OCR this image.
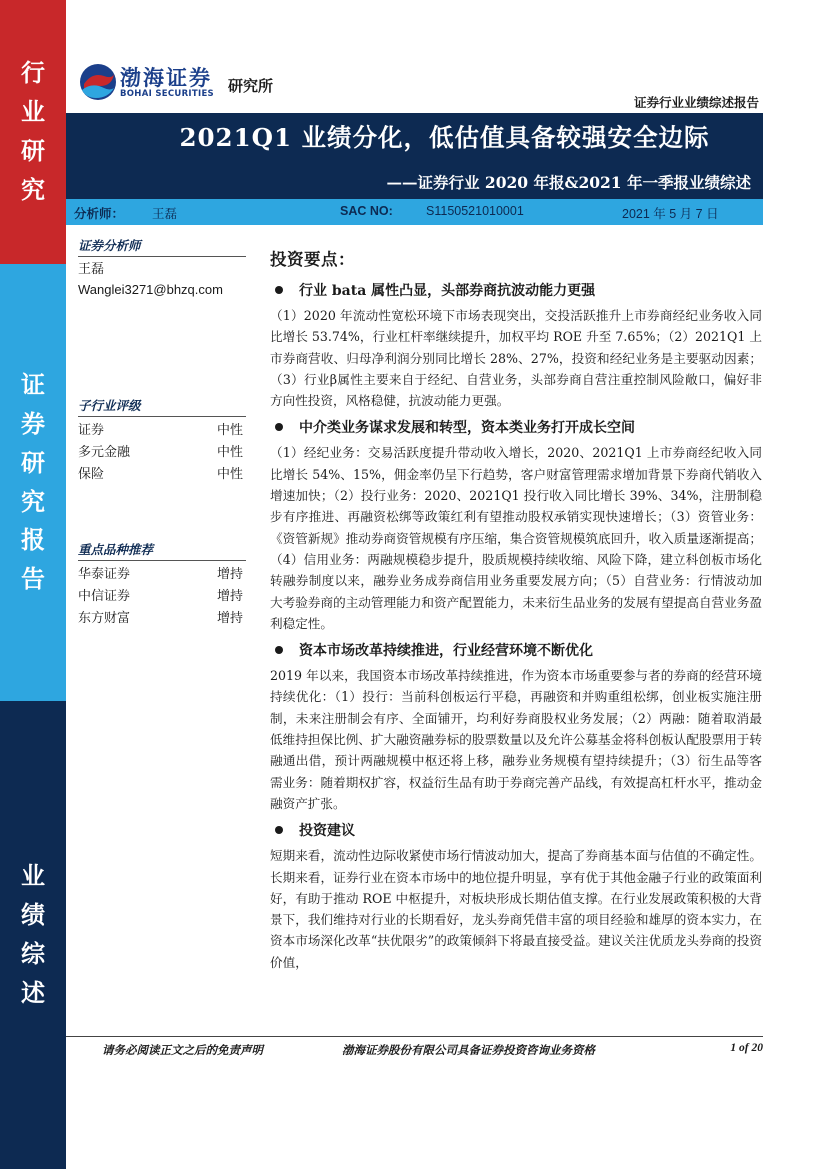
行
业
研
究
证
券
研
究
报
告
业
绩
综
述
渤海证券
BOHAI SECURITIES 研究所
证券行业业绩综述报告
2021Q1 业绩分化，低估值具备较强安全边际
——证券行业 2020 年报&2021 年一季报业绩综述
分析师： 王磊	SAC NO:	S1150521010001	2021 年 5 月 7 日
证券分析师
王磊
Wanglei3271@bhzq.com
子行业评级
证券	中性
多元金融	中性
保险	中性
重点品种推荐
华泰证券	增持
中信证券	增持
东方财富	增持
投资要点：
行业 bata 属性凸显，头部券商抗波动能力更强

（1）2020 年流动性宽松环境下市场表现突出，交投活跃推升上市券商经纪业务收入同比增长 53.74%，行业杠杆率继续提升，加权平均 ROE 升至 7.65%；（2）2021Q1 上市券商营收、归母净利润分别同比增长 28%、27%，投资和经纪业务是主要驱动因素；（3）行业β属性主要来自于经纪、自营业务，头部券商自营注重控制风险敞口，偏好非方向性投资，风格稳健，抗波动能力更强。

中介类业务谋求发展和转型，资本类业务打开成长空间

（1）经纪业务：交易活跃度提升带动收入增长，2020、2021Q1 上市券商经纪收入同比增长 54%、15%，佣金率仍呈下行趋势，客户财富管理需求增加背景下券商代销收入增速加快；（2）投行业务：2020、2021Q1 投行收入同比增长 39%、34%，注册制稳步有序推进、再融资松绑等政策红利有望推动股权承销实现快速增长；（3）资管业务：《资管新规》推动券商资管规模有序压缩，集合资管规模筑底回升，收入质量逐渐提高；（4）信用业务：两融规模稳步提升，股质规模持续收缩、风险下降，建立科创板市场化转融券制度以来，融券业务成券商信用业务重要发展方向；（5）自营业务：行情波动加大考验券商的主动管理能力和资产配置能力，未来衍生品业务的发展有望提高自营业务盈利稳定性。

资本市场改革持续推进，行业经营环境不断优化

2019 年以来，我国资本市场改革持续推进，作为资本市场重要参与者的券商的经营环境持续优化：（1）投行：当前科创板运行平稳，再融资和并购重组松绑，创业板实施注册制，未来注册制会有序、全面铺开，均利好券商股权业务发展；（2）两融：随着取消最低维持担保比例、扩大融资融券标的股票数量以及允许公募基金将科创板认配股票用于转融通出借，预计两融规模中枢还将上移，融券业务规模有望持续提升；（3）衍生品等客需业务：随着期权扩容，权益衍生品有助于券商完善产品线，有效提高杠杆水平，推动金融资产扩张。

投资建议

短期来看，流动性边际收紧使市场行情波动加大，提高了券商基本面与估值的不确定性。长期来看，证券行业在资本市场中的地位提升明显，享有优于其他金融子行业的政策面利好，有助于推动 ROE 中枢提升，对板块形成长期估值支撑。在行业发展政策积极的大背景下，我们维持对行业的长期看好，龙头券商凭借丰富的项目经验和雄厚的资本实力，在资本市场深化改革“扶优限劣”的政策倾斜下将最直接受益。建议关注优质龙头券商的投资价值，

请务必阅读正文之后的免责声明	渤海证券股份有限公司具备证券投资咨询业务资格	1 of 20
